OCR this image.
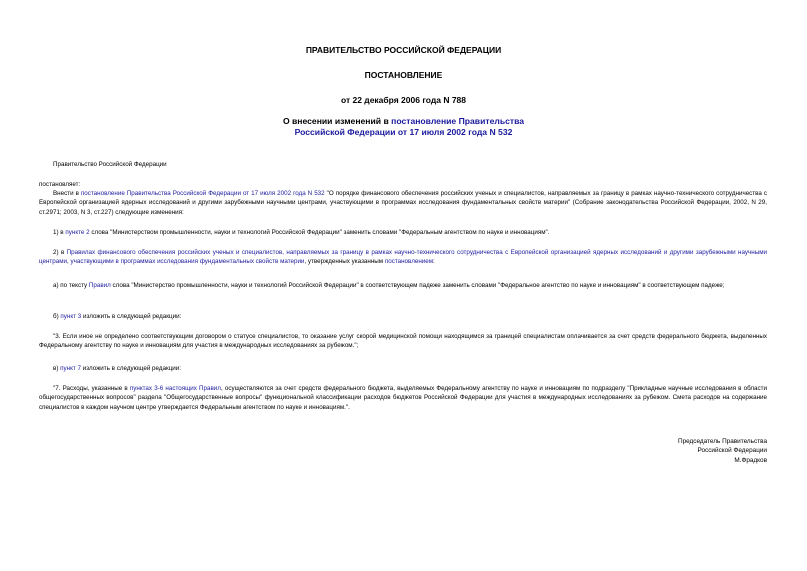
ПРАВИТЕЛЬСТВО РОССИЙСКОЙ ФЕДЕРАЦИИ
ПОСТАНОВЛЕНИЕ
от 22 декабря 2006 года N 788
О внесении изменений в постановление Правительства
Российской Федерации от 17 июля 2002 года N 532
Правительство Российской Федерации
постановляет:
Внести в постановление Правительства Российской Федерации от 17 июля 2002 года N 532 "О порядке финансового обеспечения российских ученых и специалистов, направляемых за границу в рамках научно-технического сотрудничества с Европейской организацией ядерных исследований и другими зарубежными научными центрами, участвующими в программах исследования фундаментальных свойств материи" (Собрание законодательства Российской Федерации, 2002, N 29, ст.2971; 2003, N 3, ст.227) следующие изменения:
1) в пункте 2 слова "Министерством промышленности, науки и технологий Российской Федерации" заменить словами "Федеральным агентством по науке и инновациям".
2) в Правилах финансового обеспечения российских ученых и специалистов, направляемых за границу в рамках научно-технического сотрудничества с Европейской организацией ядерных исследований и другими зарубежными научными центрами, участвующими в программах исследования фундаментальных свойств материи, утвержденных указанным постановлением:
а) по тексту Правил слова "Министерство промышленности, науки и технологий Российской Федерации" в соответствующем падеже заменить словами "Федеральное агентство по науке и инновациям" в соответствующем падеже;
б) пункт 3 изложить в следующей редакции:
"3. Если иное не определено соответствующим договором о статусе специалистов, то оказание услуг скорой медицинской помощи находящимся за границей специалистам оплачивается за счет средств федерального бюджета, выделенных Федеральному агентству по науке и инновациям для участия в международных исследованиях за рубежом.";
в) пункт 7 изложить в следующей редакции:
"7. Расходы, указанные в пунктах 3-6 настоящих Правил, осуществляются за счет средств федерального бюджета, выделяемых Федеральному агентству по науке и инновациям по подразделу "Прикладные научные исследования в области общегосударственных вопросов" раздела "Общегосударственные вопросы" функциональной классификации расходов бюджетов Российской Федерации для участия в международных исследованиях за рубежом. Смета расходов на содержание специалистов в каждом научном центре утверждается Федеральным агентством по науке и инновациям.".
Председатель Правительства
Российской Федерации
М.Фрадков
